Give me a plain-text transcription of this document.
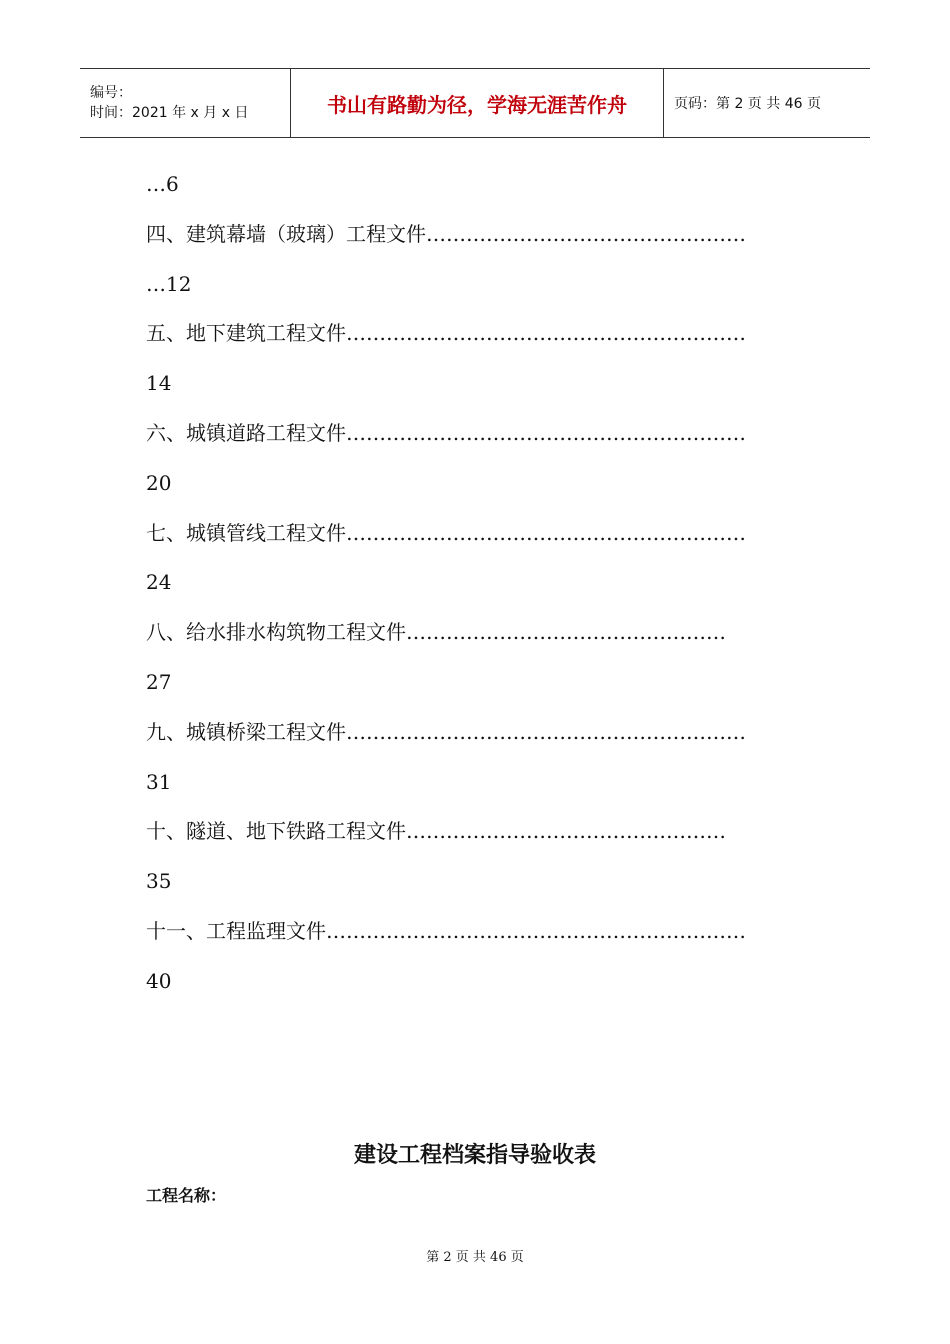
编号：
时间：2021 年 x 月 x 日	书山有路勤为径，学海无涯苦作舟	页码：第 2 页 共 46 页
…6
四、建筑幕墙（玻璃）工程文件…………………………………………
…12
五、地下建筑工程文件……………………………………………………
14
六、城镇道路工程文件……………………………………………………
20
七、城镇管线工程文件……………………………………………………
24
八、给水排水构筑物工程文件…………………………………………
27
九、城镇桥梁工程文件……………………………………………………
31
十、隧道、地下铁路工程文件…………………………………………
35
十一、工程监理文件………………………………………………………
40
建设工程档案指导验收表
工程名称：
第 2 页 共 46 页
